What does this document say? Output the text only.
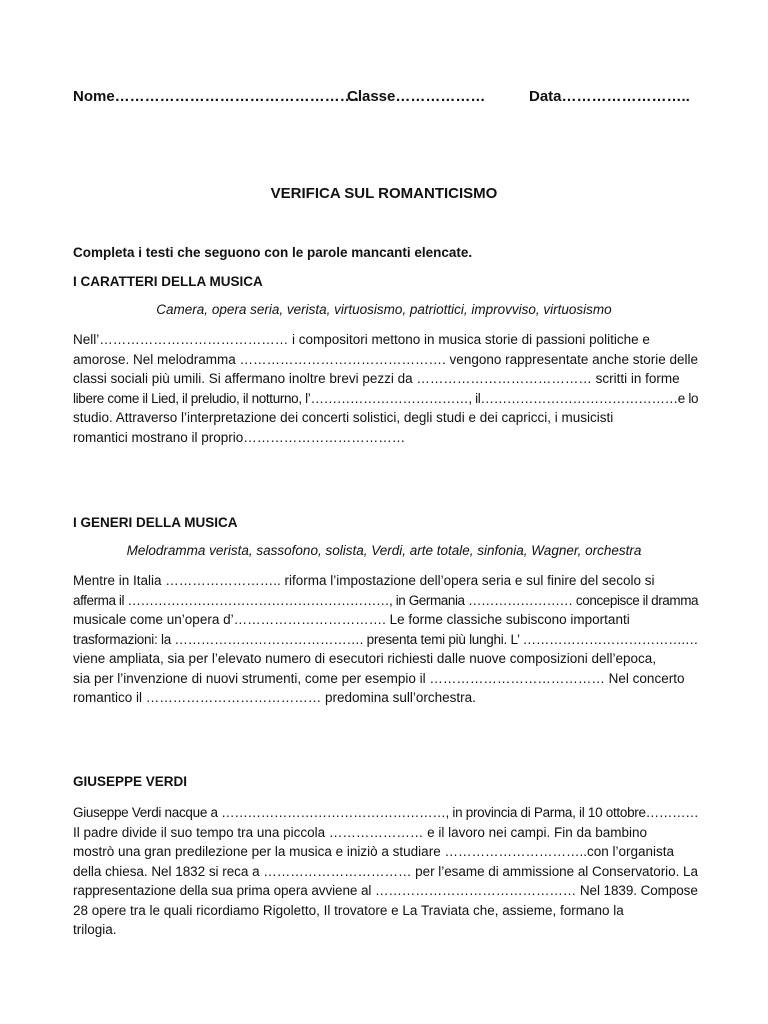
Nome………………………………………….
Classe………………	Data……………………..
VERIFICA SUL ROMANTICISMO
Completa i testi che seguono con le parole mancanti elencate.
I CARATTERI DELLA MUSICA
Camera, opera seria, verista, virtuosismo, patriottici, improvviso, virtuosismo

Nell’…………………………………… i compositori mettono in musica storie di passioni politiche e

amorose. Nel melodramma ………………………………………. vengono rappresentate anche storie delle

classi sociali più umili. Si affermano inoltre brevi pezzi da ………………………………… scritti in forme

libere come il Lied, il preludio, il notturno, l’………………………………, il………………………………………e lo

studio. Attraverso l’interpretazione dei concerti solistici, degli studi e dei capricci, i musicisti

romantici mostrano il proprio………………………………

I GENERI DELLA MUSICA
Melodramma verista, sassofono, solista, Verdi, arte totale, sinfonia, Wagner, orchestra

Mentre in Italia …………………….. riforma l’impostazione dell’opera seria e sul finire del secolo si

afferma il ……………………………………………………, in Germania …………………… concepisce il dramma

musicale come un’opera d’……………………………. Le forme classiche subiscono importanti

trasformazioni: la ……………………………………. presenta temi più lunghi. L’ ……………………………….…

viene ampliata, sia per l’elevato numero di esecutori richiesti dalle nuove composizioni dell’epoca,

sia per l’invenzione di nuovi strumenti, come per esempio il ………………………………… Nel concerto

romantico il ………………………………… predomina sull’orchestra.

GIUSEPPE VERDI

Giuseppe Verdi nacque a ……………………………………………, in provincia di Parma, il 10 ottobre…………

Il padre divide il suo tempo tra una piccola ………………… e il lavoro nei campi. Fin da bambino

mostrò una gran predilezione per la musica e iniziò a studiare …………………………..con l’organista

della chiesa. Nel 1832 si reca a …………………………… per l’esame di ammissione al Conservatorio. La

rappresentazione della sua prima opera avviene al ……………………………………… Nel 1839. Compose

28 opere tra le quali ricordiamo Rigoletto, Il trovatore e La Traviata che, assieme, formano la

trilogia.
